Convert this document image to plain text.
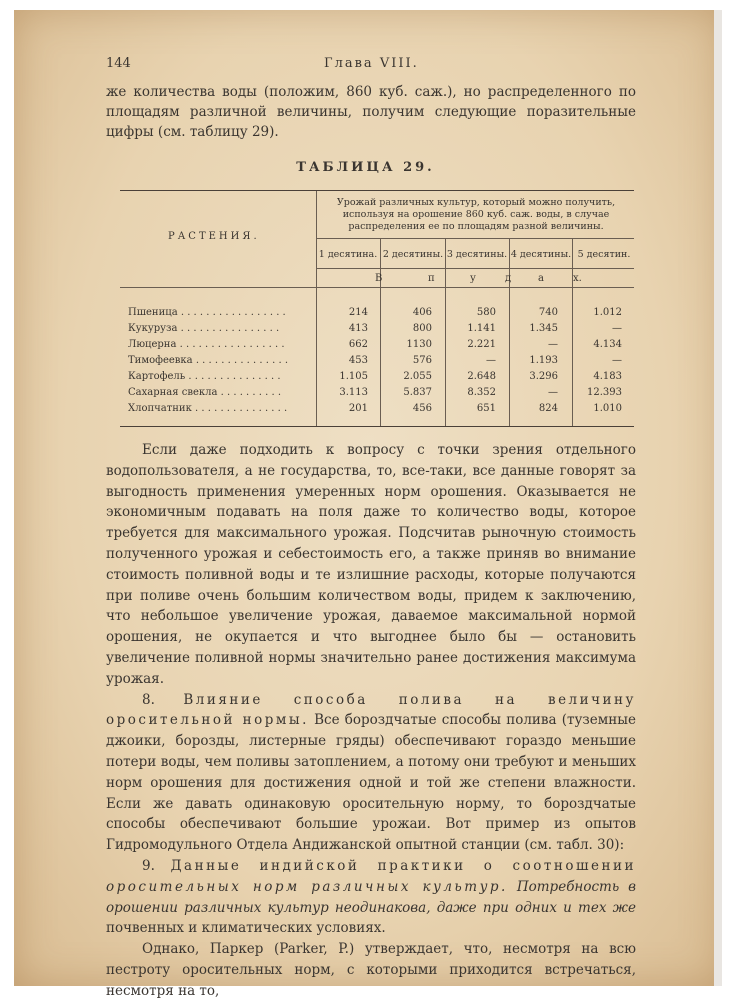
144	Глава VIII.
же количества воды (положим, 860 куб. саж.), но распределенного по площадям различной величины, получим следующие поразительные цифры (см. таблицу 29).
ТАБЛИЦА 29.
Урожай различных культур, который можно получить, используя на орошение 860 куб. саж. воды, в случае распределения ее по площадям разной величины.
РАСТЕНИЯ.
1 десятина. 2 десятины. 3 десятины. 4 десятины. 5 десятин.
В	п	у	д	а	х.
Пшеница . . . . . . . . . . . . . . . . .	214	406	580	740	1.012
Кукуруза . . . . . . . . . . . . . . . .	413	800	1.141	1.345	—
Люцерна . . . . . . . . . . . . . . . . .	662	1130	2.221	—	4.134
Тимофеевка . . . . . . . . . . . . . . .	453	576	—	1.193	—
Картофель . . . . . . . . . . . . . . .	1.105	2.055	2.648	3.296	4.183
Сахарная свекла . . . . . . . . . .	3.113	5.837	8.352	—	12.393
Хлопчатник . . . . . . . . . . . . . . .	201	456	651	824	1.010

Если даже подходить к вопросу с точки зрения отдельного водопользователя, а не государства, то, все-таки, все данные говорят за выгодность применения умеренных норм орошения. Оказывается не экономичным подавать на поля даже то количество воды, которое требуется для максимального урожая. Подсчитав рыночную стоимость полученного урожая и себестоимость его, а также приняв во внимание стоимость поливной воды и те излишние расходы, которые получаются при поливе очень большим количеством воды, придем к заключению, что небольшое увеличение урожая, даваемое максимальной нормой орошения, не окупается и что выгоднее было бы — остановить увеличение поливной нормы значительно ранее достижения максимума урожая.

8. Влияние способа полива на величину оросительной нормы. Все бороздчатые способы полива (туземные джоики, борозды, листерные гряды) обеспечивают гораздо меньшие потери воды, чем поливы затоплением, а потому они требуют и меньших норм орошения для достижения одной и той же степени влажности. Если же давать одинаковую оросительную норму, то бороздчатые способы обеспечивают большие урожаи. Вот пример из опытов Гидромодульного Отдела Андижанской опытной станции (см. табл. 30):

9. Данные индийской практики о соотношении оросительных норм различных культур. Потребность в орошении различных культур неодинакова, даже при одних и тех же почвенных и климатических условиях.

Однако, Паркер (Parker, P.) утверждает, что, несмотря на всю пестроту оросительных норм, с которыми приходится встречаться, несмотря на то,
